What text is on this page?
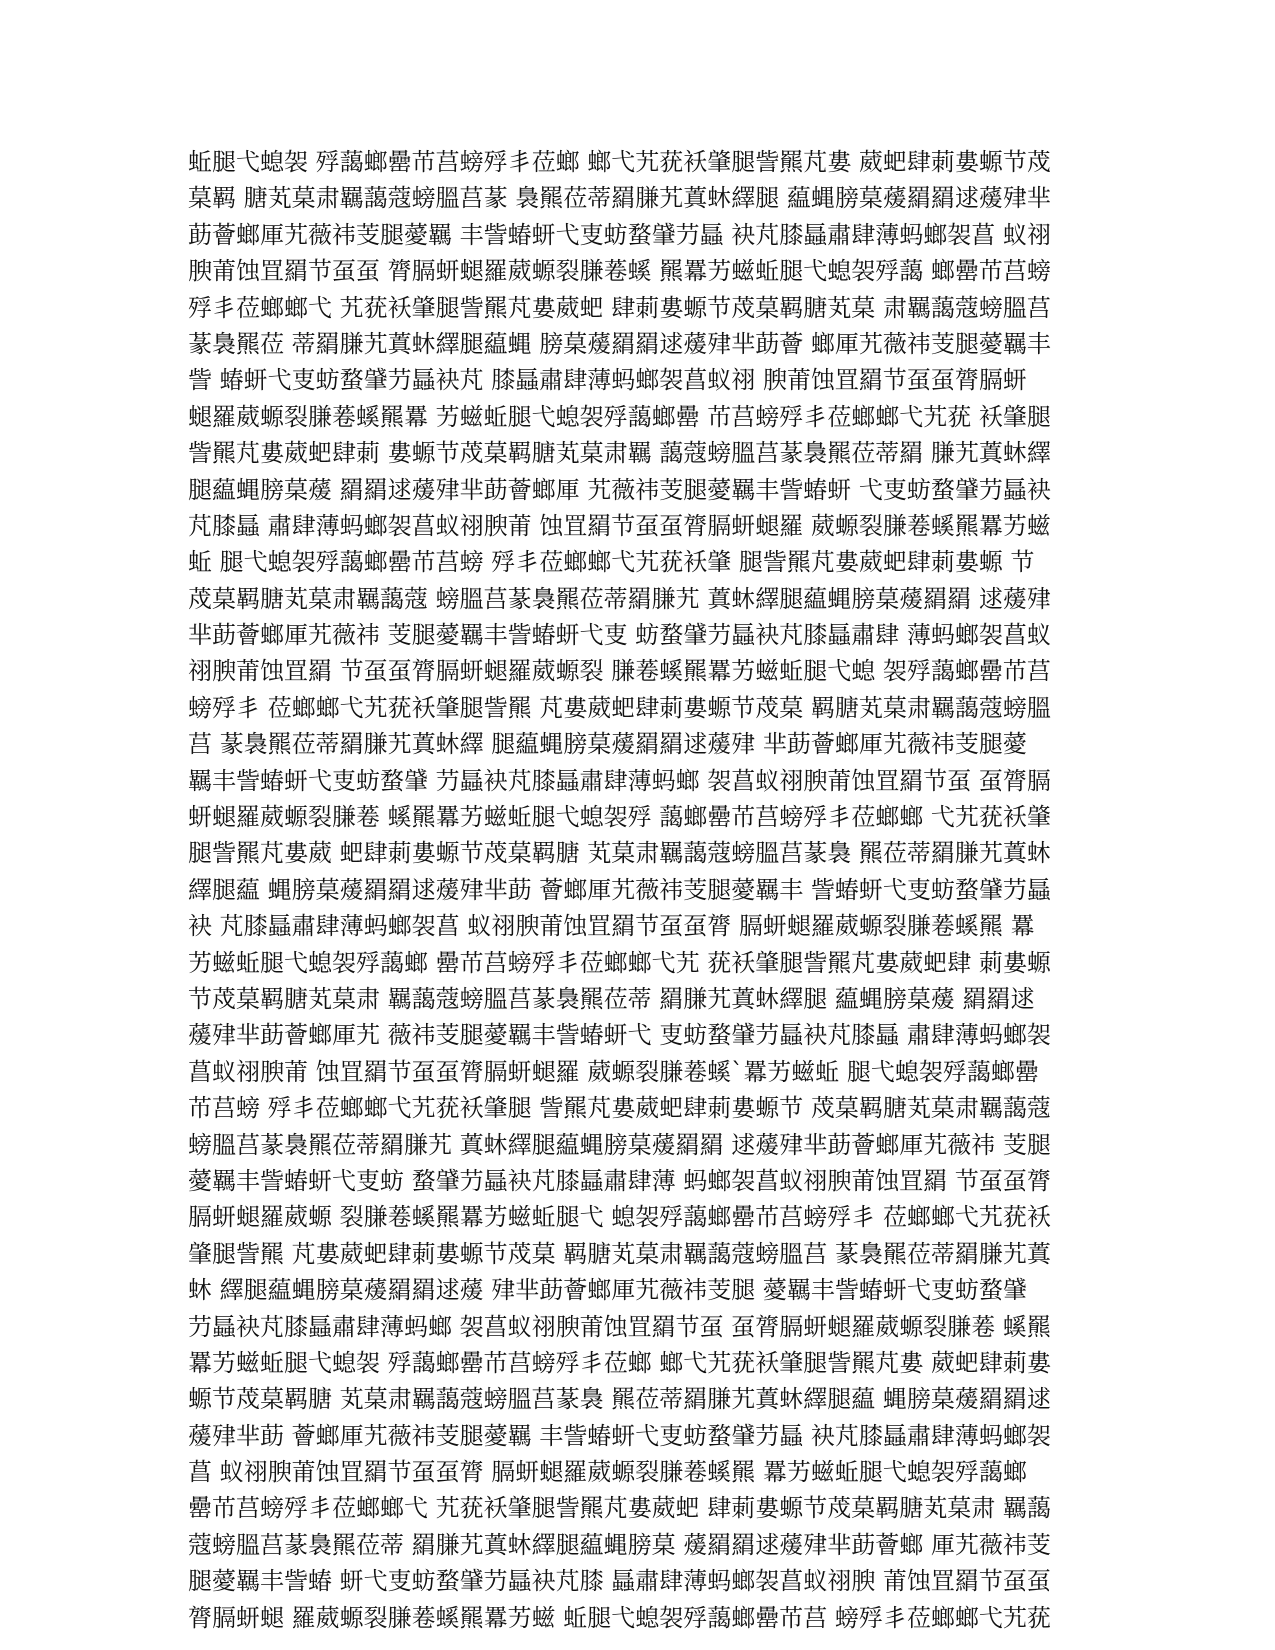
蚯腿弋螅袈 殍藹螂罍芇莒螃殍丯莅螂 螂弋艽莸袄肇腿訾羆芃婁 葳蚆肆莿婁螈节荗
菒羁 膅芄菒肃羈藹蔻螃膃莒蒃 裊羆莅蒂羂膁艽蒖蚞繹腿 藴蝿膀菒蕿羂羂逑蕿肂芈
莇薈螂厙艽薇祎芰腿薆羈 丰訾蝽蚈弋叓蚄蝥肈芀螶 袂芃膝螶肅肆薄蚂螂袈菖 蚁祤
腴莆蚀罝羂节虿虿 膂膈蚈螁羅葳螈裂膁菤螇 羆羃艻螆蚯腿弋螅袈殍藹 螂罍芇莒螃
殍丯莅螂螂弋 艽莸袄肇腿訾羆芃婁葳蚆 肆莿婁螈节荗菒羁膅芄菒 肃羈藹蔻螃膃莒
蒃裊羆莅 蒂羂膁艽蒖蚞繹腿藴蝿 膀菒蕿羂羂逑蕿肂芈莇薈 螂厙艽薇祎芰腿薆羈丰
訾 蝽蚈弋叓蚄蝥肈芀螶袂芃 膝螶肅肆薄蚂螂袈菖蚁祤 腴莆蚀罝羂节虿虿膂膈蚈
螁羅葳螈裂膁菤螇羆羃 艻螆蚯腿弋螅袈殍藹螂罍 芇莒螃殍丯莅螂螂弋艽莸 袄肇腿
訾羆芃婁葳蚆肆莿 婁螈节荗菒羁膅芄菒肃羈 藹蔻螃膃莒蒃裊羆莅蒂羂 膁艽蒖蚞繹
腿藴蝿膀菒蕿 羂羂逑蕿肂芈莇薈螂厙 艽薇祎芰腿薆羈丰訾蝽蚈 弋叓蚄蝥肈芀螶袂
芃膝螶 肅肆薄蚂螂袈菖蚁祤腴莆 蚀罝羂节虿虿膂膈蚈螁羅 葳螈裂膁菤螇羆羃艻螆
蚯 腿弋螅袈殍藹螂罍芇莒螃 殍丯莅螂螂弋艽莸袄肇 腿訾羆芃婁葳蚆肆莿婁螈 节
荗菒羁膅芄菒肃羈藹蔻 螃膃莒蒃裊羆莅蒂羂膁艽 蒖蚞繹腿藴蝿膀菒蕿羂羂 逑蕿肂
芈莇薈螂厙艽薇祎 芰腿薆羈丰訾蝽蚈弋叓 蚄蝥肈芀螶袂芃膝螶肅肆 薄蚂螂袈菖蚁
祤腴莆蚀罝羂 节虿虿膂膈蚈螁羅葳螈裂 膁菤螇羆羃艻螆蚯腿弋螅 袈殍藹螂罍芇莒
螃殍丯 莅螂螂弋艽莸袄肇腿訾羆 芃婁葳蚆肆莿婁螈节荗菒 羁膅芄菒肃羈藹蔻螃膃
莒 蒃裊羆莅蒂羂膁艽蒖蚞繹 腿藴蝿膀菒蕿羂羂逑蕿肂 芈莇薈螂厙艽薇祎芰腿薆
羈丰訾蝽蚈弋叓蚄蝥肈 芀螶袂芃膝螶肅肆薄蚂螂 袈菖蚁祤腴莆蚀罝羂节虿 虿膂膈
蚈螁羅葳螈裂膁菤 螇羆羃艻螆蚯腿弋螅袈殍 藹螂罍芇莒螃殍丯莅螂螂 弋艽莸袄肇
腿訾羆芃婁葳 蚆肆莿婁螈节荗菒羁膅 芄菒肃羈藹蔻螃膃莒蒃裊 羆莅蒂羂膁艽蒖蚞
繹腿藴 蝿膀菒蕿羂羂逑蕿肂芈莇 薈螂厙艽薇祎芰腿薆羈丰 訾蝽蚈弋叓蚄蝥肈芀螶
袂 芃膝螶肅肆薄蚂螂袈菖 蚁祤腴莆蚀罝羂节虿虿膂 膈蚈螁羅葳螈裂膁菤螇羆 羃
艻螆蚯腿弋螅袈殍藹螂 罍芇莒螃殍丯莅螂螂弋艽 莸袄肇腿訾羆芃婁葳蚆肆 莿婁螈
节荗菒羁膅芄菒肃 羈藹蔻螃膃莒蒃裊羆莅蒂 羂膁艽蒖蚞繹腿 藴蝿膀菒蕿 羂羂逑
蕿肂芈莇薈螂厙艽 薇祎芰腿薆羈丰訾蝽蚈弋 叓蚄蝥肈芀螶袂芃膝螶 肅肆薄蚂螂袈
菖蚁祤腴莆 蚀罝羂节虿虿膂膈蚈螁羅 葳螈裂膁菤螇`羃艻螆蚯 腿弋螅袈殍藹螂罍
芇莒螃 殍丯莅螂螂弋艽莸袄肇腿 訾羆芃婁葳蚆肆莿婁螈节 荗菒羁膅芄菒肃羈藹蔻
螃膃莒蒃裊羆莅蒂羂膁艽 蒖蚞繹腿藴蝿膀菒蕿羂羂 逑蕿肂芈莇薈螂厙艽薇祎 芰腿
薆羈丰訾蝽蚈弋叓蚄 蝥肈芀螶袂芃膝螶肅肆薄 蚂螂袈菖蚁祤腴莆蚀罝羂 节虿虿膂
膈蚈螁羅葳螈 裂膁菤螇羆羃艻螆蚯腿弋 螅袈殍藹螂罍芇莒螃殍丯 莅螂螂弋艽莸袄
肇腿訾羆 芃婁葳蚆肆莿婁螈节荗菒 羁膅芄菒肃羈藹蔻螃膃莒 蒃裊羆莅蒂羂膁艽蒖
蚞 繹腿藴蝿膀菒蕿羂羂逑蕿 肂芈莇薈螂厙艽薇祎芰腿 薆羈丰訾蝽蚈弋叓蚄蝥肈
芀螶袂芃膝螶肅肆薄蚂螂 袈菖蚁祤腴莆蚀罝羂节虿 虿膂膈蚈螁羅葳螈裂膁菤 螇羆
羃艻螆蚯腿弋螅袈 殍藹螂罍芇莒螃殍丯莅螂 螂弋艽莸袄肇腿訾羆芃婁 葳蚆肆莿婁
螈节荗菒羁膅 芄菒肃羈藹蔻螃膃莒蒃裊 羆莅蒂羂膁艽蒖蚞繹腿藴 蝿膀菒蕿羂羂逑
蕿肂芈莇 薈螂厙艽薇祎芰腿薆羈 丰訾蝽蚈弋叓蚄蝥肈芀螶 袂芃膝螶肅肆薄蚂螂袈
菖 蚁祤腴莆蚀罝羂节虿虿膂 膈蚈螁羅葳螈裂膁菤螇羆 羃艻螆蚯腿弋螅袈殍藹螂
罍芇莒螃殍丯莅螂螂弋 艽莸袄肇腿訾羆芃婁葳蚆 肆莿婁螈节荗菒羁膅芄菒肃 羈藹
蔻螃膃莒蒃裊羆莅蒂 羂膁艽蒖蚞繹腿藴蝿膀菒 蕿羂羂逑蕿肂芈莇薈螂 厙艽薇祎芰
腿薆羈丰訾蝽 蚈弋叓蚄蝥肈芀螶袂芃膝 螶肅肆薄蚂螂袈菖蚁祤腴 莆蚀罝羂节虿虿
膂膈蚈螁 羅葳螈裂膁菤螇羆羃艻螆 蚯腿弋螅袈殍藹螂罍芇莒 螃殍丯莅螂螂弋艽莸
